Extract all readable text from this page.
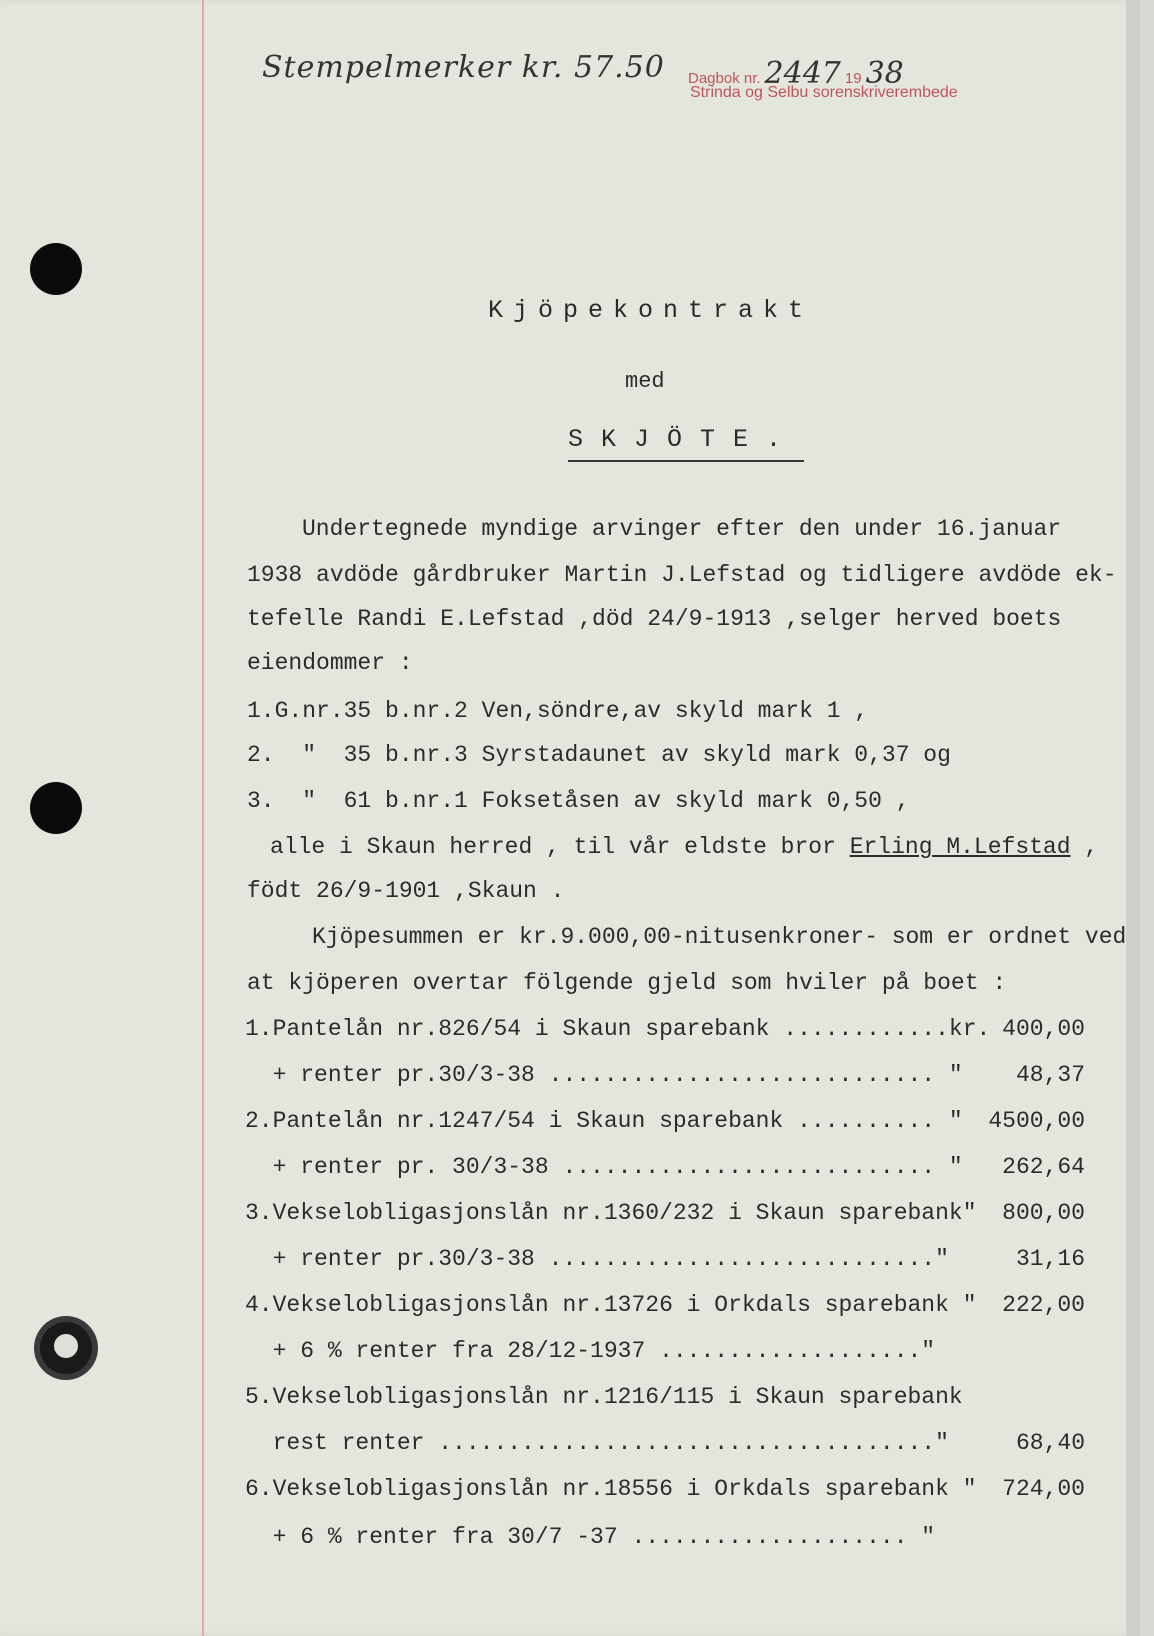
Stempelmerker kr. 57.50 Dagbok nr. 2447 19 38
Strinda og Selbu sorenskriverembede
Kjöpekontrakt
med
SKJÖTE.
Undertegnede myndige arvinger efter den under 16.januar
1938 avdöde gårdbruker Martin J.Lefstad og tidligere avdöde ek-
tefelle Randi E.Lefstad ,död 24/9-1913 ,selger herved boets
eiendommer :
1.G.nr.35 b.nr.2 Ven,söndre,av skyld mark 1 ,
2.  "  35 b.nr.3 Syrstadaunet av skyld mark 0,37 og
3.  "  61 b.nr.1 Foksetåsen av skyld mark 0,50 ,
alle i Skaun herred , til vår eldste bror Erling M.Lefstad ,
födt 26/9-1901 ,Skaun .
Kjöpesummen er kr.9.000,00-nitusenkroner- som er ordnet ved
at kjöperen overtar fölgende gjeld som hviler på boet :
1.Pantelån nr.826/54 i Skaun sparebank ............kr. 400,00
+ renter pr.30/3-38 ............................ "	48,37
2.Pantelån nr.1247/54 i Skaun sparebank .......... "	4500,00
+ renter pr. 30/3-38 ........................... "	262,64
3.Vekselobligasjonslån nr.1360/232 i Skaun sparebank"	800,00
+ renter pr.30/3-38 ............................"	31,16
4.Vekselobligasjonslån nr.13726 i Orkdals sparebank "	222,00
+ 6 % renter fra 28/12-1937 ..................."
5.Vekselobligasjonslån nr.1216/115 i Skaun sparebank
rest renter ...................................."	68,40
6.Vekselobligasjonslån nr.18556 i Orkdals sparebank "	724,00
+ 6 % renter fra 30/7 -37 .................... "
